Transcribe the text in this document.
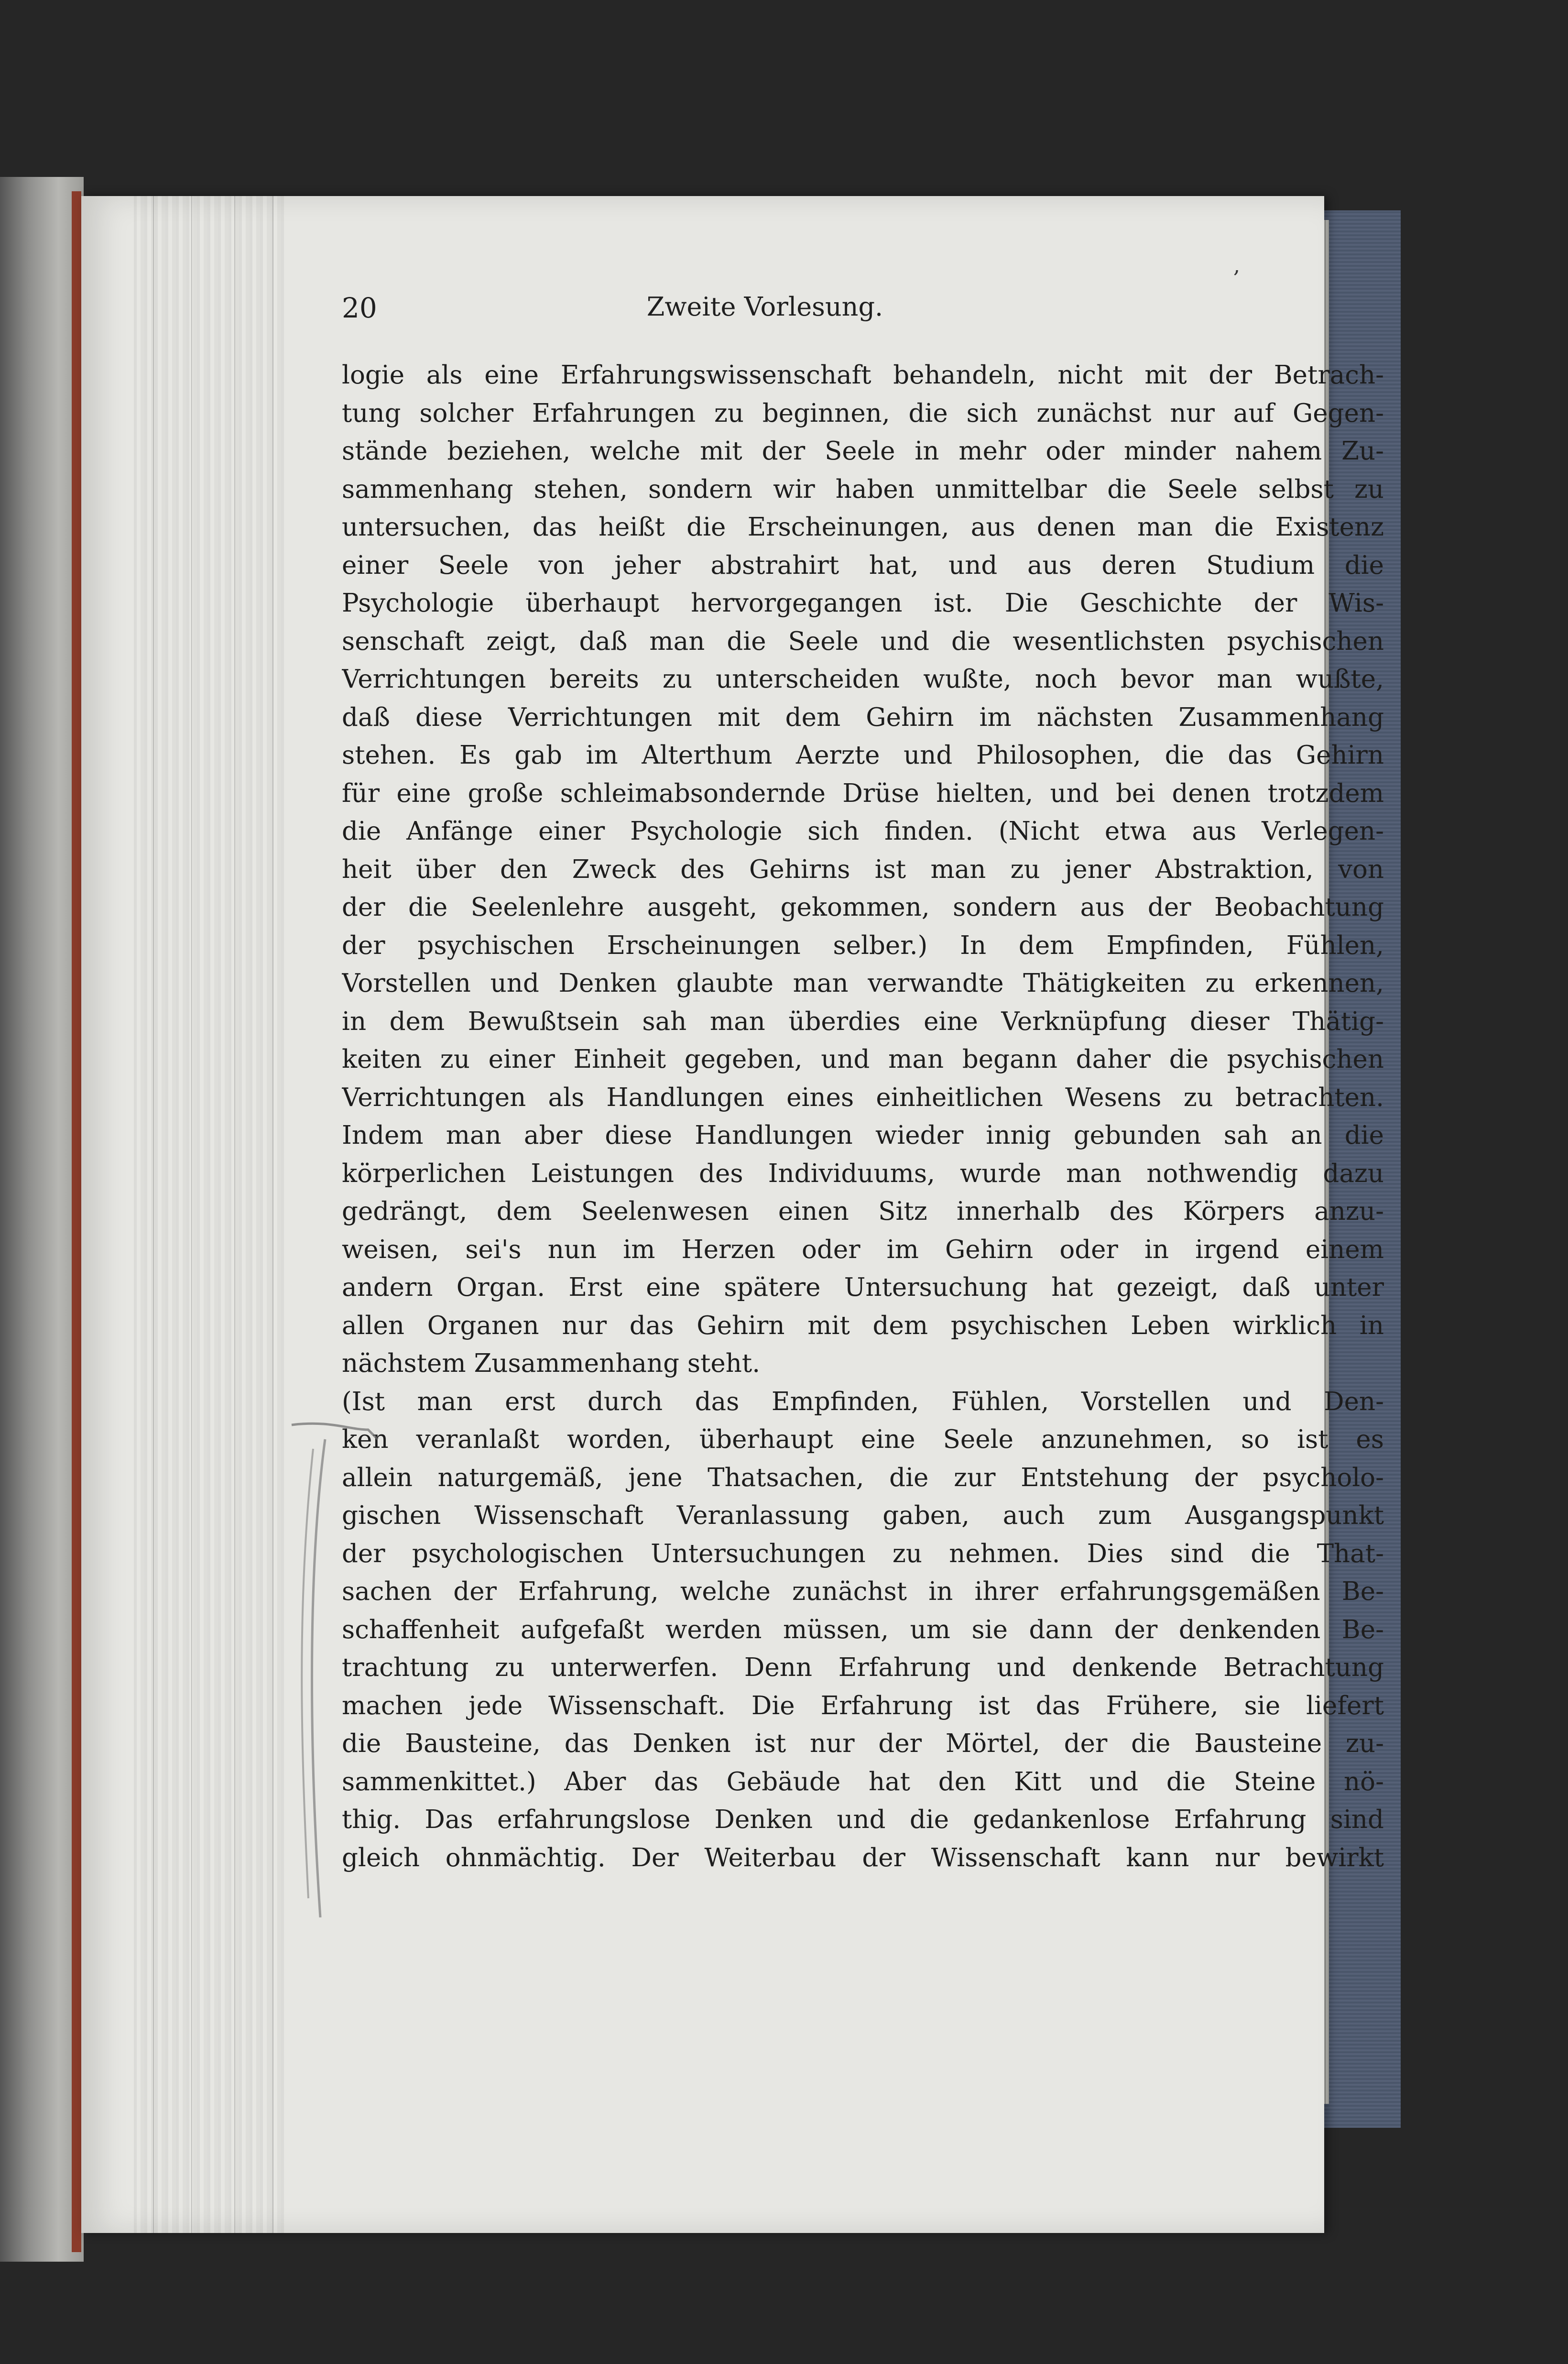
,
20	Zweite Vorlesung.
logie als eine Erfahrungswissenschaft behandeln, nicht mit der Betrach-
tung solcher Erfahrungen zu beginnen, die sich zunächst nur auf Gegen-
stände beziehen, welche mit der Seele in mehr oder minder nahem Zu-
sammenhang stehen, sondern wir haben unmittelbar die Seele selbst zu
untersuchen, das heißt die Erscheinungen, aus denen man die Existenz
einer Seele von jeher abstrahirt hat, und aus deren Studium die
Psychologie überhaupt hervorgegangen ist. Die Geschichte der Wis-
senschaft zeigt, daß man die Seele und die wesentlichsten psychischen
Verrichtungen bereits zu unterscheiden wußte, noch bevor man wußte,
daß diese Verrichtungen mit dem Gehirn im nächsten Zusammenhang
stehen. Es gab im Alterthum Aerzte und Philosophen, die das Gehirn
für eine große schleimabsondernde Drüse hielten, und bei denen trotzdem
die Anfänge einer Psychologie sich finden. (Nicht etwa aus Verlegen-
heit über den Zweck des Gehirns ist man zu jener Abstraktion, von
der die Seelenlehre ausgeht, gekommen, sondern aus der Beobachtung
der psychischen Erscheinungen selber.) In dem Empfinden, Fühlen,
Vorstellen und Denken glaubte man verwandte Thätigkeiten zu erkennen,
in dem Bewußtsein sah man überdies eine Verknüpfung dieser Thätig-
keiten zu einer Einheit gegeben, und man begann daher die psychischen
Verrichtungen als Handlungen eines einheitlichen Wesens zu betrachten.
Indem man aber diese Handlungen wieder innig gebunden sah an die
körperlichen Leistungen des Individuums, wurde man nothwendig dazu
gedrängt, dem Seelenwesen einen Sitz innerhalb des Körpers anzu-
weisen, sei's nun im Herzen oder im Gehirn oder in irgend einem
andern Organ. Erst eine spätere Untersuchung hat gezeigt, daß unter
allen Organen nur das Gehirn mit dem psychischen Leben wirklich in
nächstem Zusammenhang steht.
(Ist man erst durch das Empfinden, Fühlen, Vorstellen und Den-
ken veranlaßt worden, überhaupt eine Seele anzunehmen, so ist es
allein naturgemäß, jene Thatsachen, die zur Entstehung der psycholo-
gischen Wissenschaft Veranlassung gaben, auch zum Ausgangspunkt
der psychologischen Untersuchungen zu nehmen. Dies sind die That-
sachen der Erfahrung, welche zunächst in ihrer erfahrungsgemäßen Be-
schaffenheit aufgefaßt werden müssen, um sie dann der denkenden Be-
trachtung zu unterwerfen. Denn Erfahrung und denkende Betrachtung
machen jede Wissenschaft. Die Erfahrung ist das Frühere, sie liefert
die Bausteine, das Denken ist nur der Mörtel, der die Bausteine zu-
sammenkittet.) Aber das Gebäude hat den Kitt und die Steine nö-
thig. Das erfahrungslose Denken und die gedankenlose Erfahrung sind
gleich ohnmächtig. Der Weiterbau der Wissenschaft kann nur bewirkt
